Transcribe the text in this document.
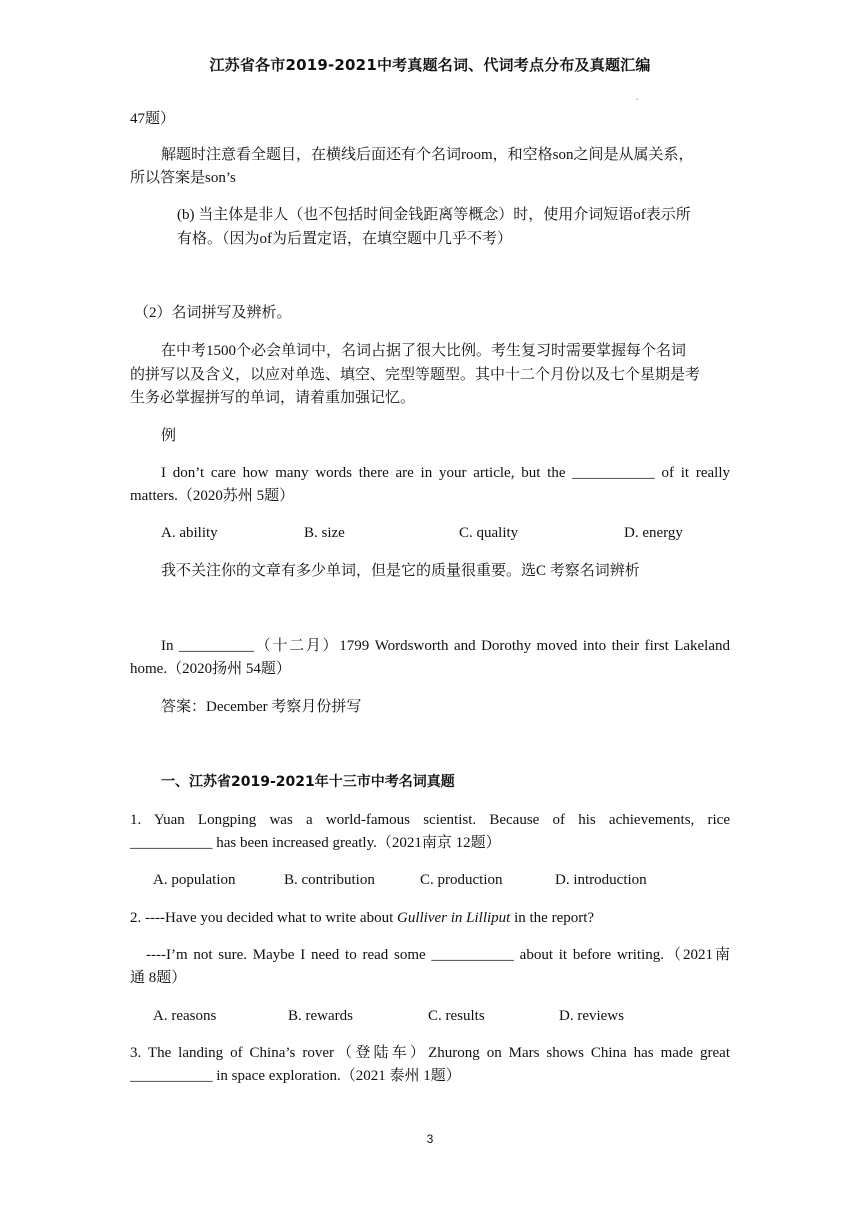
江苏省各市2019-2021中考真题名词、代词考点分布及真题汇编
.
47题）
解题时注意看全题目，在横线后面还有个名词room，和空格son之间是从属关系，
所以答案是son’s
(b) 当主体是非人（也不包括时间金钱距离等概念）时，使用介词短语of表示所
有格。（因为of为后置定语，在填空题中几乎不考）
（2）名词拼写及辨析。
在中考1500个必会单词中，名词占据了很大比例。考生复习时需要掌握每个名词
的拼写以及含义，以应对单选、填空、完型等题型。其中十二个月份以及七个星期是考
生务必掌握拼写的单词，请着重加强记忆。
例
I don’t care how many words there are in your article, but the ___________ of it really
matters.（2020苏州 5题）
A. ability	B. size	C. quality	D. energy
我不关注你的文章有多少单词，但是它的质量很重要。选C 考察名词辨析
In __________（十二月）1799 Wordsworth and Dorothy moved into their first Lakeland
home.（2020扬州 54题）
答案：December 考察月份拼写
一、江苏省2019-2021年十三市中考名词真题
1. Yuan Longping was a world-famous scientist. Because of his achievements, rice
___________ has been increased greatly.（2021南京 12题）
A. population	B. contribution	C. production	D. introduction
2. ----Have you decided what to write about Gulliver in Lilliput in the report?
----I’m not sure. Maybe I need to read some ___________ about it before writing.（2021南
通 8题）
A. reasons	B. rewards	C. results	D. reviews
3. The landing of China’s rover（登陆车）Zhurong on Mars shows China has made great
___________ in space exploration.（2021 泰州 1题）
3
